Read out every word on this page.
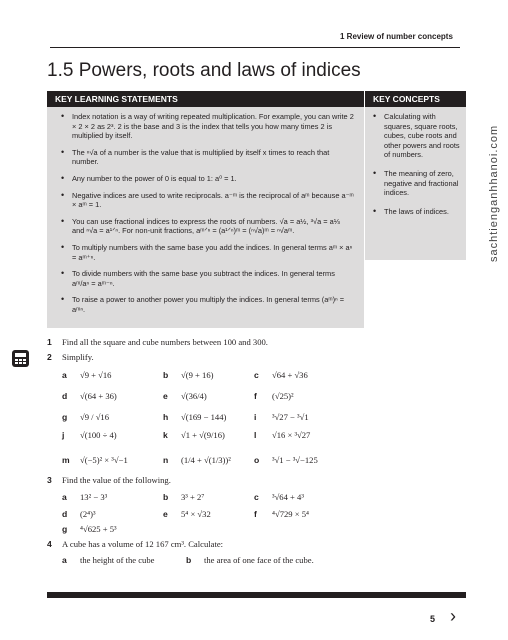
1 Review of number concepts
1.5 Powers, roots and laws of indices
KEY LEARNING STATEMENTS	KEY CONCEPTS
• Index notation is a way of writing repeated multiplication. For example, you can write 2 × 2 × 2 as 2³. 2 is the base and 3 is the index that tells you how many times 2 is multiplied by itself.
• The ⁿ√a of a number is the value that is multiplied by itself x times to reach that number.
• Any number to the power of 0 is equal to 1: a⁰ = 1.
• Negative indices are used to write reciprocals. a⁻ᵐ is the reciprocal of aᵐ because a⁻ᵐ × aᵐ = 1.
• You can use fractional indices to express the roots of numbers. √a = a½, ³√a = a⅓ and ⁿ√a = a¹ᐟⁿ. For non-unit fractions, aᵐᐟⁿ = (a¹ᐟⁿ)ᵐ = (ⁿ√a)ᵐ = ⁿ√aᵐ.
• To multiply numbers with the same base you add the indices. In general terms aᵐ × aⁿ = aᵐ⁺ⁿ.
• To divide numbers with the same base you subtract the indices. In general terms aᵐ/aⁿ = aᵐ⁻ⁿ.
• To raise a power to another power you multiply the indices. In general terms (aᵐ)ⁿ = aᵐⁿ.
• Calculating with squares, square roots, cubes, cube roots and other powers and roots of numbers.
• The meaning of zero, negative and fractional indices.
• The laws of indices.	sachtienganhhanoi.com
1 Find all the square and cube numbers between 100 and 300.
2 Simplify.
a √9 + √16	b √(9 + 16)	c √64 + √36
d √(64 + 36)	e √(36/4)	f (√25)²
g √9 / √16	h √(169 − 144)	i ³√27 − ³√1
j √(100 ÷ 4)	k √1 + √(9/16)	l √16 × ³√27
m √(−5)² × ³√−1	n (1/4 + √(1/3))²	o ³√1 − ³√−125
3 Find the value of the following.
a 13² − 3³	b 3³ + 2⁷	c ³√64 + 4³
d (2⁴)³	e 5⁴ × √32	f ⁴√729 × 5⁴
g ⁴√625 + 5³
4 A cube has a volume of 12 167 cm³. Calculate:
a the height of the cube	b the area of one face of the cube.
5 ›
